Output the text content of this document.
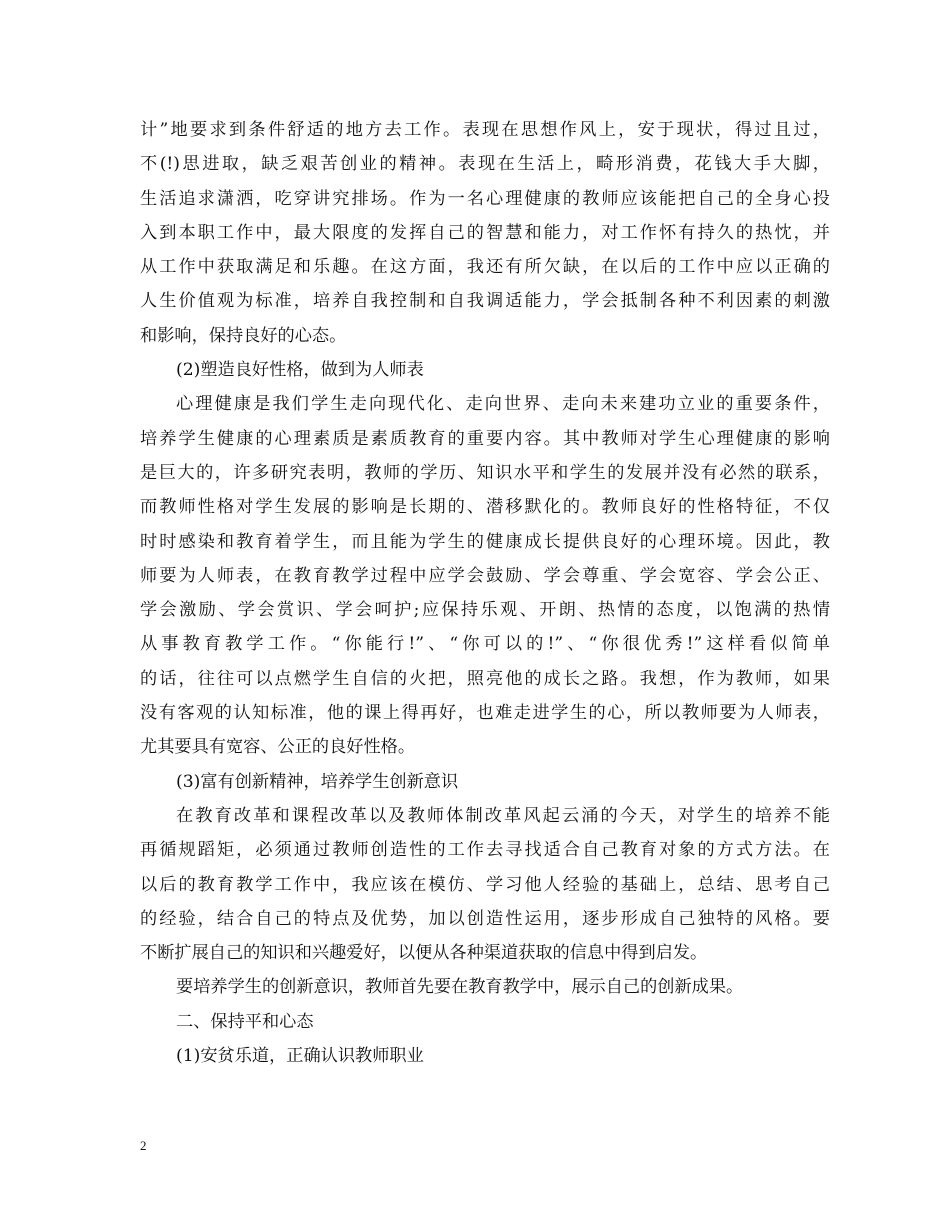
计”地要求到条件舒适的地方去工作。表现在思想作风上，安于现状，得过且过，
不(!)思进取，缺乏艰苦创业的精神。表现在生活上，畸形消费，花钱大手大脚，
生活追求潇洒，吃穿讲究排场。作为一名心理健康的教师应该能把自己的全身心投
入到本职工作中，最大限度的发挥自己的智慧和能力，对工作怀有持久的热忱，并
从工作中获取满足和乐趣。在这方面，我还有所欠缺，在以后的工作中应以正确的
人生价值观为标准，培养自我控制和自我调适能力，学会抵制各种不利因素的刺激
和影响，保持良好的心态。
(2)塑造良好性格，做到为人师表
心理健康是我们学生走向现代化、走向世界、走向未来建功立业的重要条件，
培养学生健康的心理素质是素质教育的重要内容。其中教师对学生心理健康的影响
是巨大的，许多研究表明，教师的学历、知识水平和学生的发展并没有必然的联系，
而教师性格对学生发展的影响是长期的、潜移默化的。教师良好的性格特征，不仅
时时感染和教育着学生，而且能为学生的健康成长提供良好的心理环境。因此，教
师要为人师表，在教育教学过程中应学会鼓励、学会尊重、学会宽容、学会公正、
学会激励、学会赏识、学会呵护;应保持乐观、开朗、热情的态度，以饱满的热情
从事教育教学工作。“你能行!”、“你可以的!”、“你很优秀!”这样看似简单
的话，往往可以点燃学生自信的火把，照亮他的成长之路。我想，作为教师，如果
没有客观的认知标准，他的课上得再好，也难走进学生的心，所以教师要为人师表，
尤其要具有宽容、公正的良好性格。
(3)富有创新精神，培养学生创新意识
在教育改革和课程改革以及教师体制改革风起云涌的今天，对学生的培养不能
再循规蹈矩，必须通过教师创造性的工作去寻找适合自己教育对象的方式方法。在
以后的教育教学工作中，我应该在模仿、学习他人经验的基础上，总结、思考自己
的经验，结合自己的特点及优势，加以创造性运用，逐步形成自己独特的风格。要
不断扩展自己的知识和兴趣爱好，以便从各种渠道获取的信息中得到启发。
要培养学生的创新意识，教师首先要在教育教学中，展示自己的创新成果。
二、保持平和心态
(1)安贫乐道，正确认识教师职业
2
